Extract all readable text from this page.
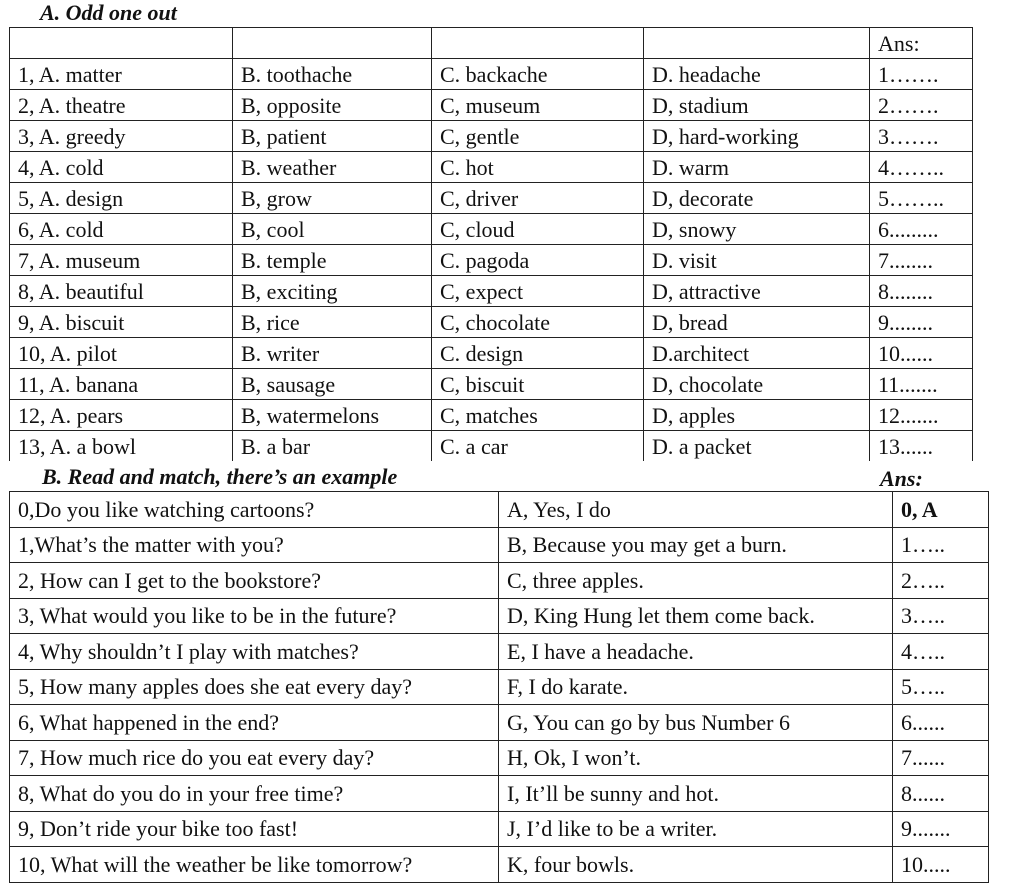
A. Odd one out
				Ans:
1, A. matter	B. toothache	C. backache	D. headache	1…….
2, A. theatre	B, opposite	C, museum	D, stadium	2…….
3, A. greedy	B, patient	C, gentle	D, hard-working	3…….
4, A. cold	B. weather	C. hot	D. warm	4……..
5, A. design	B, grow	C, driver	D, decorate	5……..
6, A. cold	B, cool	C, cloud	D, snowy	6.........
7, A. museum	B. temple	C. pagoda	D. visit	7........
8, A. beautiful	B, exciting	C, expect	D, attractive	8........
9, A. biscuit	B, rice	C, chocolate	D, bread	9........
10, A. pilot	B. writer	C. design	D.architect	10......
11, A. banana	B, sausage	C, biscuit	D, chocolate	11.......
12, A. pears	B, watermelons	C, matches	D, apples	12.......
13, A. a bowl	B. a bar	C. a car	D. a packet	13......
B. Read and match, there’s an example	Ans:
0,Do you like watching cartoons?	A, Yes, I do	0, A
1,What’s the matter with you?	B, Because you may get a burn.	1…..
2, How can I get to the bookstore?	C, three apples.	2…..
3, What would you like to be in the future?	D, King Hung let them come back.	3…..
4, Why shouldn’t I play with matches?	E, I have a headache.	4…..
5, How many apples does she eat every day?	F, I do karate.	5…..
6, What happened in the end?	G, You can go by bus Number 6	6......
7, How much rice do you eat every day?	H, Ok, I won’t.	7......
8, What do you do in your free time?	I, It’ll be sunny and hot.	8......
9, Don’t ride your bike too fast!	J, I’d like to be a writer.	9.......
10, What will the weather be like tomorrow?	K, four bowls.	10.....
